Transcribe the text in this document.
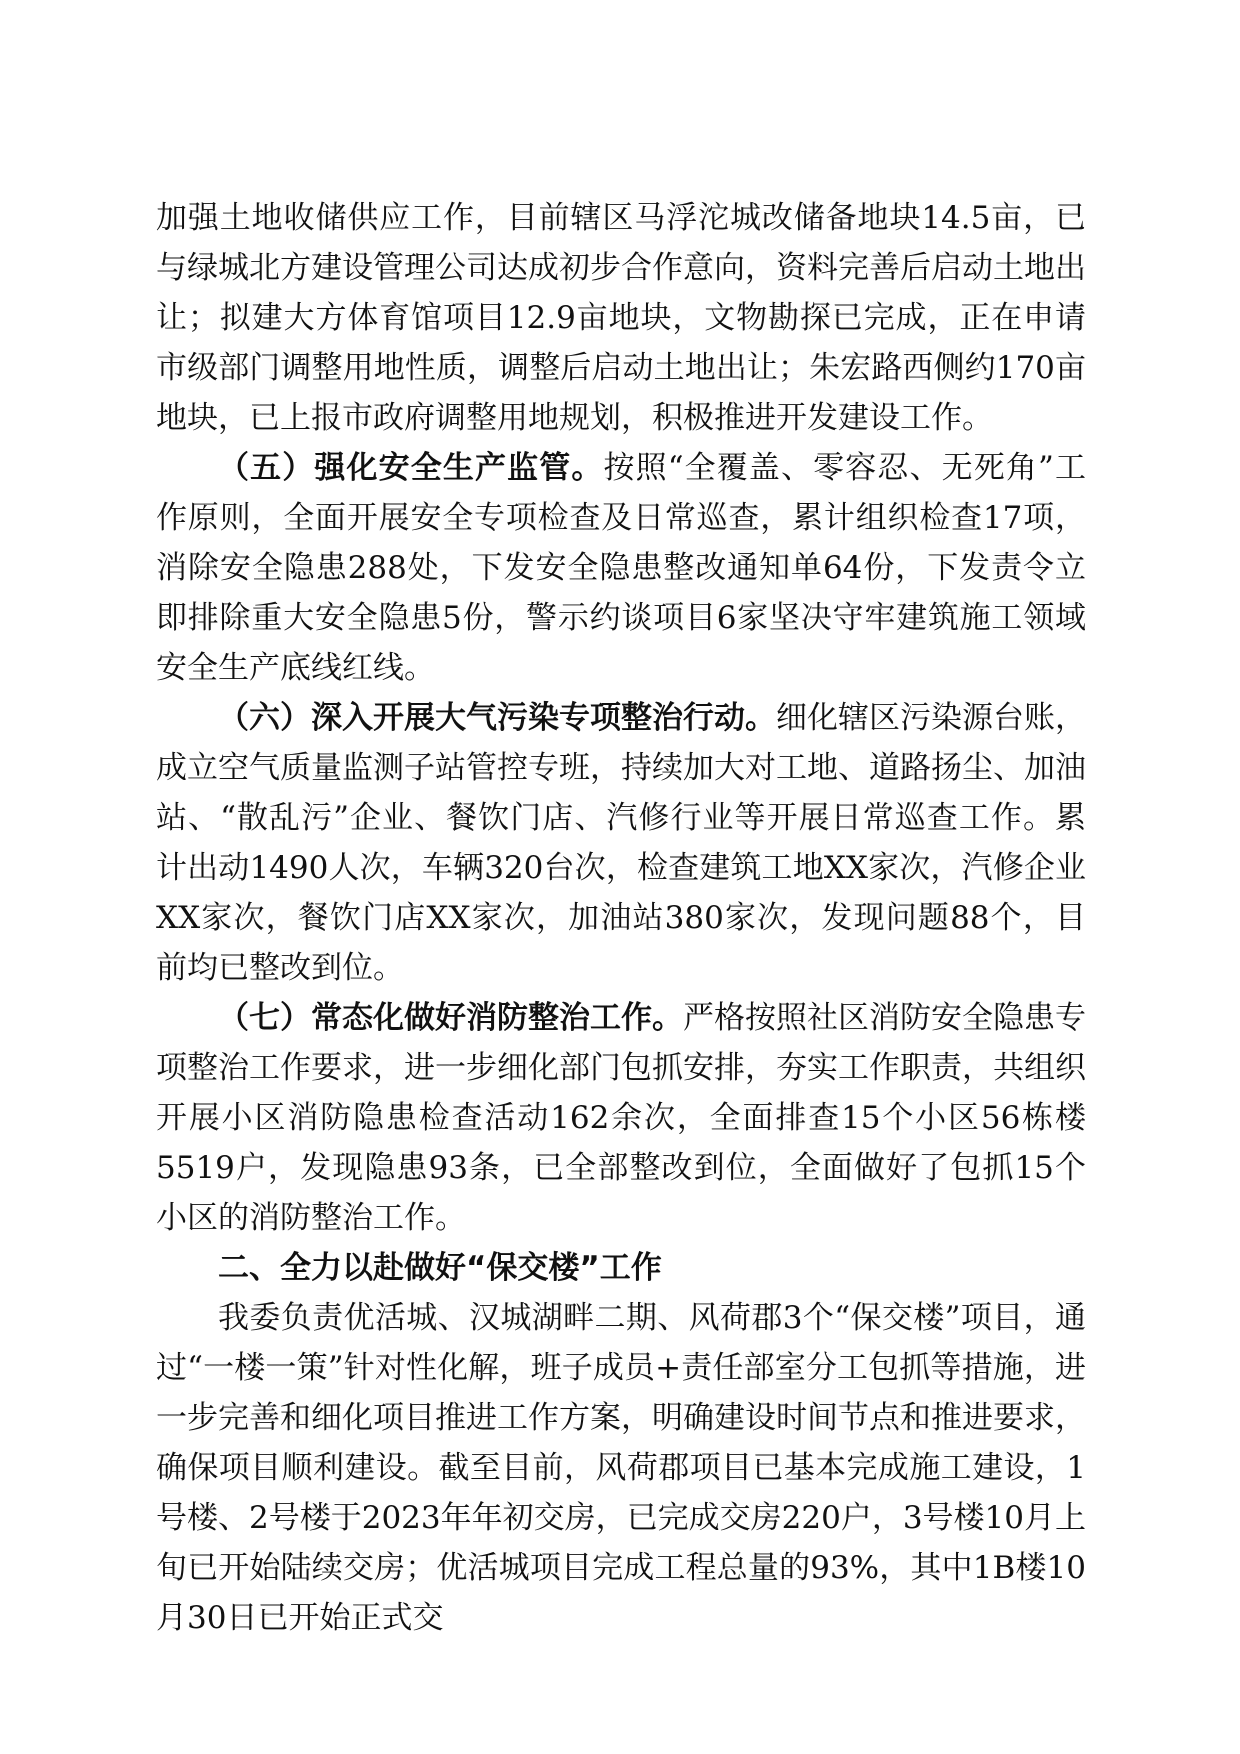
加强土地收储供应工作，目前辖区马浮沱城改储备地块14.5亩，已与绿城北方建设管理公司达成初步合作意向，资料完善后启动土地出让；拟建大方体育馆项目12.9亩地块，文物勘探已完成，正在申请市级部门调整用地性质，调整后启动土地出让；朱宏路西侧约170亩地块，已上报市政府调整用地规划，积极推进开发建设工作。

（五）强化安全生产监管。按照“全覆盖、零容忍、无死角”工作原则，全面开展安全专项检查及日常巡查，累计组织检查17项，消除安全隐患288处，下发安全隐患整改通知单64份，下发责令立即排除重大安全隐患5份，警示约谈项目6家坚决守牢建筑施工领域安全生产底线红线。

（六）深入开展大气污染专项整治行动。细化辖区污染源台账，成立空气质量监测子站管控专班，持续加大对工地、道路扬尘、加油站、“散乱污”企业、餐饮门店、汽修行业等开展日常巡查工作。累计出动1490人次，车辆320台次，检查建筑工地XX家次，汽修企业XX家次，餐饮门店XX家次，加油站380家次，发现问题88个，目前均已整改到位。

（七）常态化做好消防整治工作。严格按照社区消防安全隐患专项整治工作要求，进一步细化部门包抓安排，夯实工作职责，共组织开展小区消防隐患检查活动162余次，全面排查15个小区56栋楼5519户，发现隐患93条，已全部整改到位，全面做好了包抓15个小区的消防整治工作。

二、全力以赴做好“保交楼”工作

我委负责优活城、汉城湖畔二期、风荷郡3个“保交楼”项目，通过“一楼一策”针对性化解，班子成员+责任部室分工包抓等措施，进一步完善和细化项目推进工作方案，明确建设时间节点和推进要求，确保项目顺利建设。截至目前，风荷郡项目已基本完成施工建设，1号楼、2号楼于2023年年初交房，已完成交房220户，3号楼10月上旬已开始陆续交房；优活城项目完成工程总量的93%，其中1B楼10月30日已开始正式交
